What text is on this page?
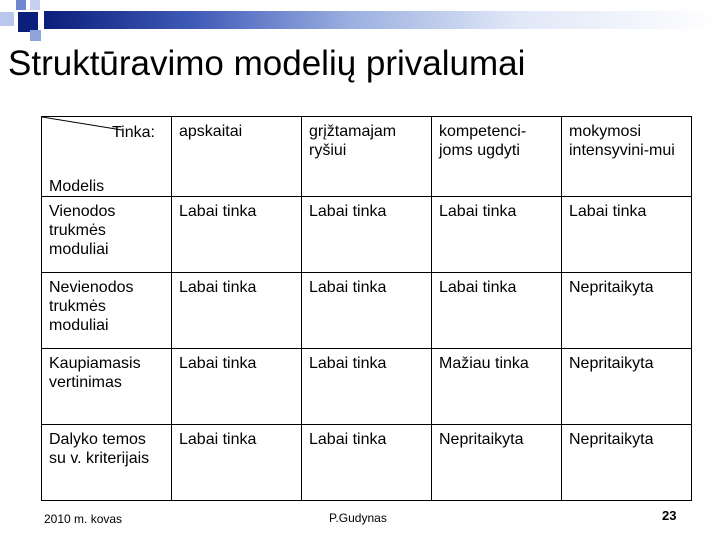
Struktūravimo modelių privalumai
Tinka:
Modelis	apskaitai	grįžtamajam ryšiui	kompetenci-joms ugdyti	mokymosi intensyvini-mui
Vienodos trukmės moduliai	Labai tinka	Labai tinka	Labai tinka	Labai tinka
Nevienodos trukmės moduliai	Labai tinka	Labai tinka	Labai tinka	Nepritaikyta
Kaupiamasis vertinimas	Labai tinka	Labai tinka	Mažiau tinka	Nepritaikyta
Dalyko temos su v. kriterijais	Labai tinka	Labai tinka	Nepritaikyta	Nepritaikyta
2010 m. kovas	P.Gudynas	23
